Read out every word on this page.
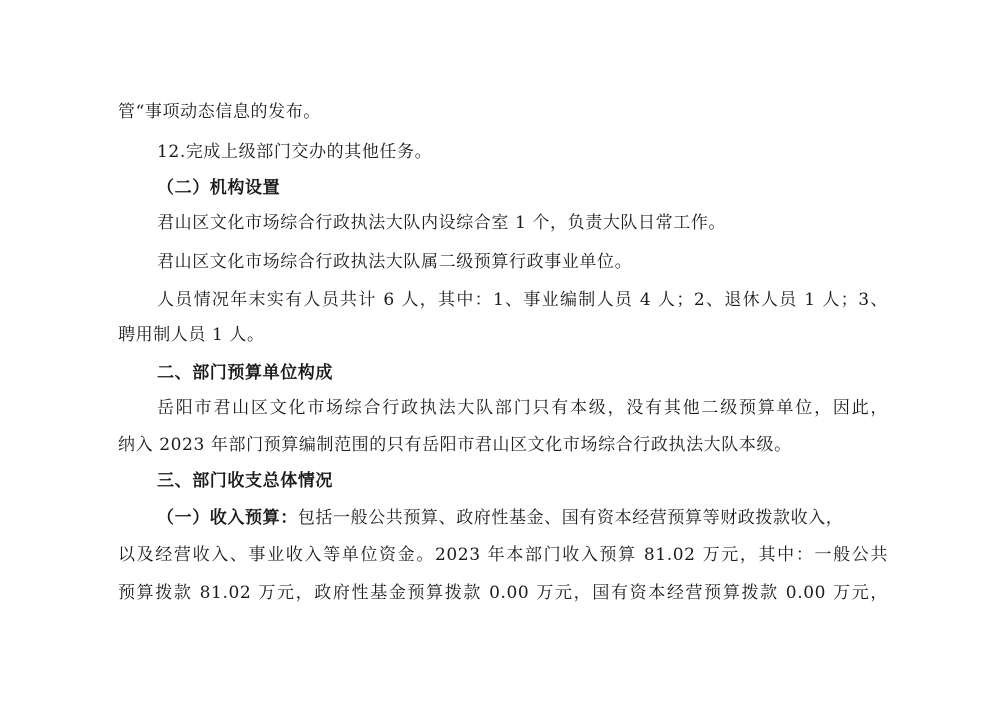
管“事项动态信息的发布。
12.完成上级部门交办的其他任务。
（二）机构设置
君山区文化市场综合行政执法大队内设综合室 1 个，负责大队日常工作。
君山区文化市场综合行政执法大队属二级预算行政事业单位。
人员情况年末实有人员共计 6 人，其中：1、事业编制人员 4 人；2、退休人员 1 人；3、
聘用制人员 1 人。
二、部门预算单位构成
岳阳市君山区文化市场综合行政执法大队部门只有本级，没有其他二级预算单位，因此，
纳入 2023 年部门预算编制范围的只有岳阳市君山区文化市场综合行政执法大队本级。
三、部门收支总体情况
（一）收入预算：包括一般公共预算、政府性基金、国有资本经营预算等财政拨款收入，
以及经营收入、事业收入等单位资金。2023 年本部门收入预算 81.02 万元，其中：一般公共
预算拨款 81.02 万元，政府性基金预算拨款 0.00 万元，国有资本经营预算拨款 0.00 万元，
